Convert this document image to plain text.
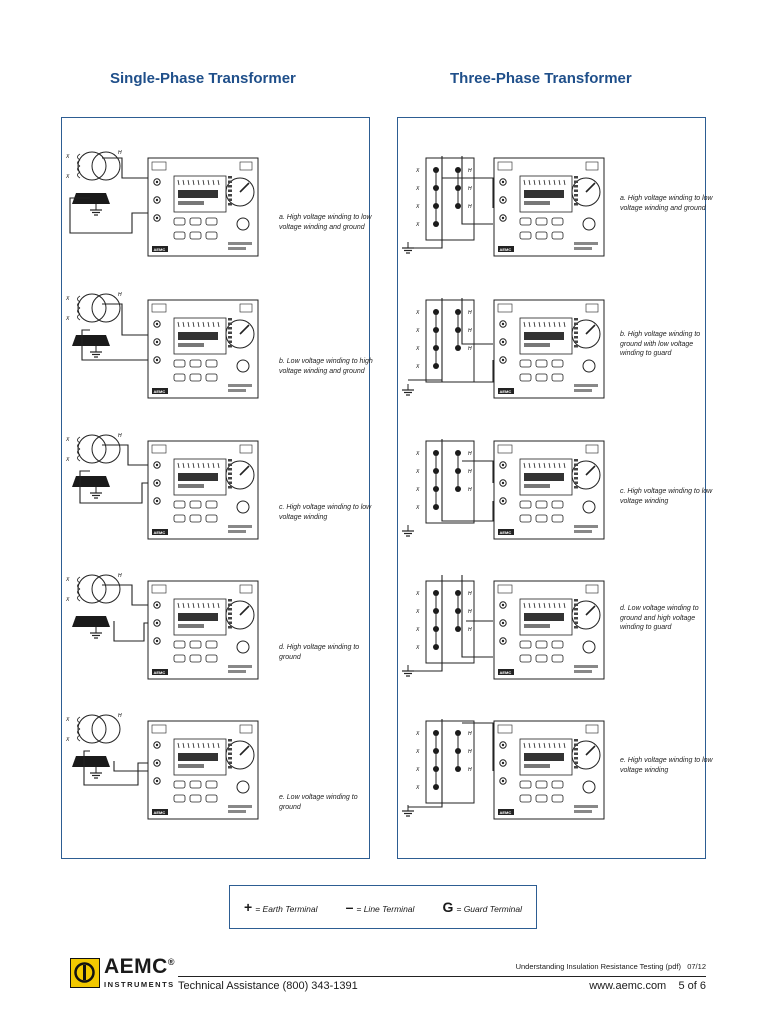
Single-Phase Transformer	Three-Phase Transformer
X
X
H
AEMC
a. High voltage winding to low voltage winding and ground
X
X
H
AEMC
b. Low voltage winding to high voltage winding and ground
X
X
H
AEMC
c. High voltage winding to low voltage winding
X
X
H
AEMC
d. High voltage winding to ground
X
X
H
AEMC
e. Low voltage winding to ground
X
X
X
X
H
H
H
AEMC
a. High voltage winding to low voltage winding and ground
X
X
X
X
H
H
H
AEMC
b. High voltage winding to ground with low voltage winding to guard
X
X
X
X
H
H
H
AEMC
c. High voltage winding to low voltage winding
X
X
X
X
H
H
H
AEMC
d. Low voltage winding to ground and high voltage winding to guard
X
X
X
X
H
H
H
AEMC
e. High voltage winding to low voltage winding
+ = Earth Terminal – = Line Terminal G = Guard Terminal
AEMC®
INSTRUMENTS
Understanding Insulation Resistance Testing (pdf) 07/12
Technical Assistance (800) 343-1391	www.aemc.com 5 of 6
